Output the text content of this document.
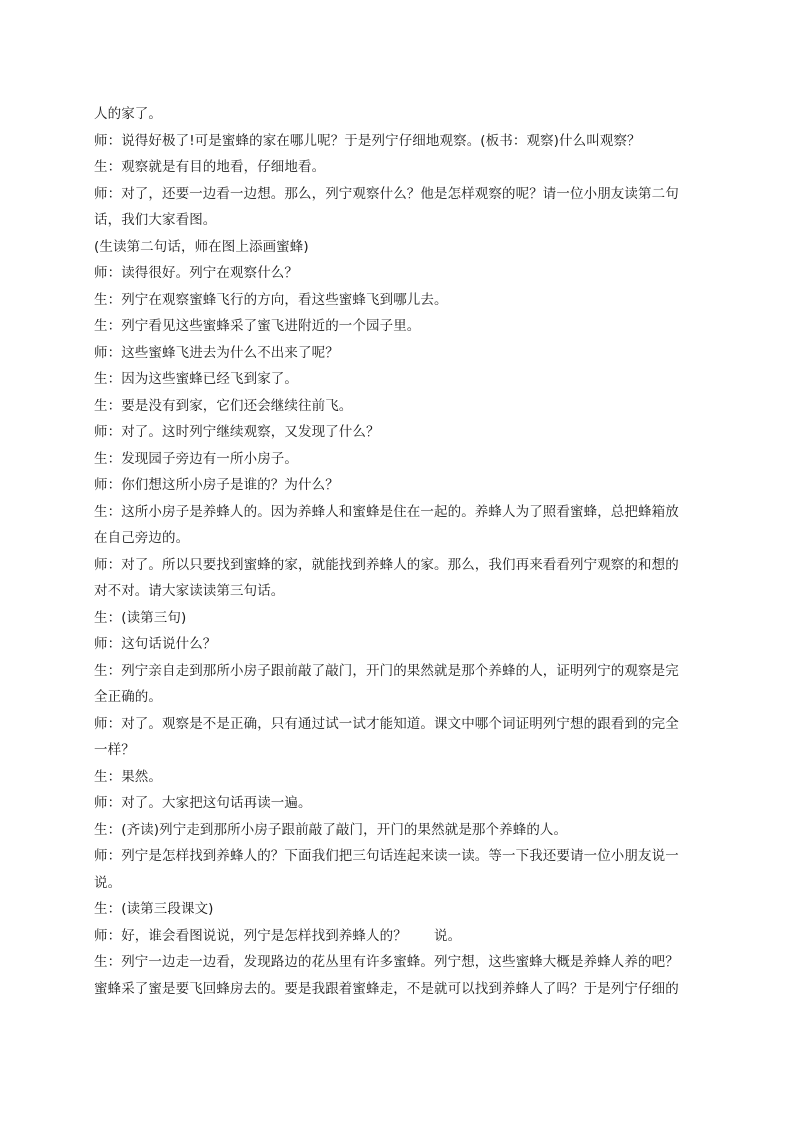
人的家了。
师：说得好极了!可是蜜蜂的家在哪儿呢？于是列宁仔细地观察。(板书：观察)什么叫观察？
生：观察就是有目的地看，仔细地看。
师：对了，还要一边看一边想。那么，列宁观察什么？他是怎样观察的呢？请一位小朋友读第二句
话，我们大家看图。
(生读第二句话，师在图上添画蜜蜂)
师：读得很好。列宁在观察什么？
生：列宁在观察蜜蜂飞行的方向，看这些蜜蜂飞到哪儿去。
生：列宁看见这些蜜蜂采了蜜飞进附近的一个园子里。
师：这些蜜蜂飞进去为什么不出来了呢？
生：因为这些蜜蜂已经飞到家了。
生：要是没有到家，它们还会继续往前飞。
师：对了。这时列宁继续观察，又发现了什么？
生：发现园子旁边有一所小房子。
师：你们想这所小房子是谁的？为什么？
生：这所小房子是养蜂人的。因为养蜂人和蜜蜂是住在一起的。养蜂人为了照看蜜蜂，总把蜂箱放
在自己旁边的。
师：对了。所以只要找到蜜蜂的家，就能找到养蜂人的家。那么，我们再来看看列宁观察的和想的
对不对。请大家读读第三句话。
生：(读第三句)
师：这句话说什么？
生：列宁亲自走到那所小房子跟前敲了敲门，开门的果然就是那个养蜂的人，证明列宁的观察是完
全正确的。
师：对了。观察是不是正确，只有通过试一试才能知道。课文中哪个词证明列宁想的跟看到的完全
一样？
生：果然。
师：对了。大家把这句话再读一遍。
生：(齐读)列宁走到那所小房子跟前敲了敲门，开门的果然就是那个养蜂的人。
师：列宁是怎样找到养蜂人的？下面我们把三句话连起来读一读。等一下我还要请一位小朋友说一
说。
生：(读第三段课文)
师：好，谁会看图说说，列宁是怎样找到养蜂人的？　　说。
生：列宁一边走一边看，发现路边的花丛里有许多蜜蜂。列宁想，这些蜜蜂大概是养蜂人养的吧？
蜜蜂采了蜜是要飞回蜂房去的。要是我跟着蜜蜂走，不是就可以找到养蜂人了吗？于是列宁仔细的
